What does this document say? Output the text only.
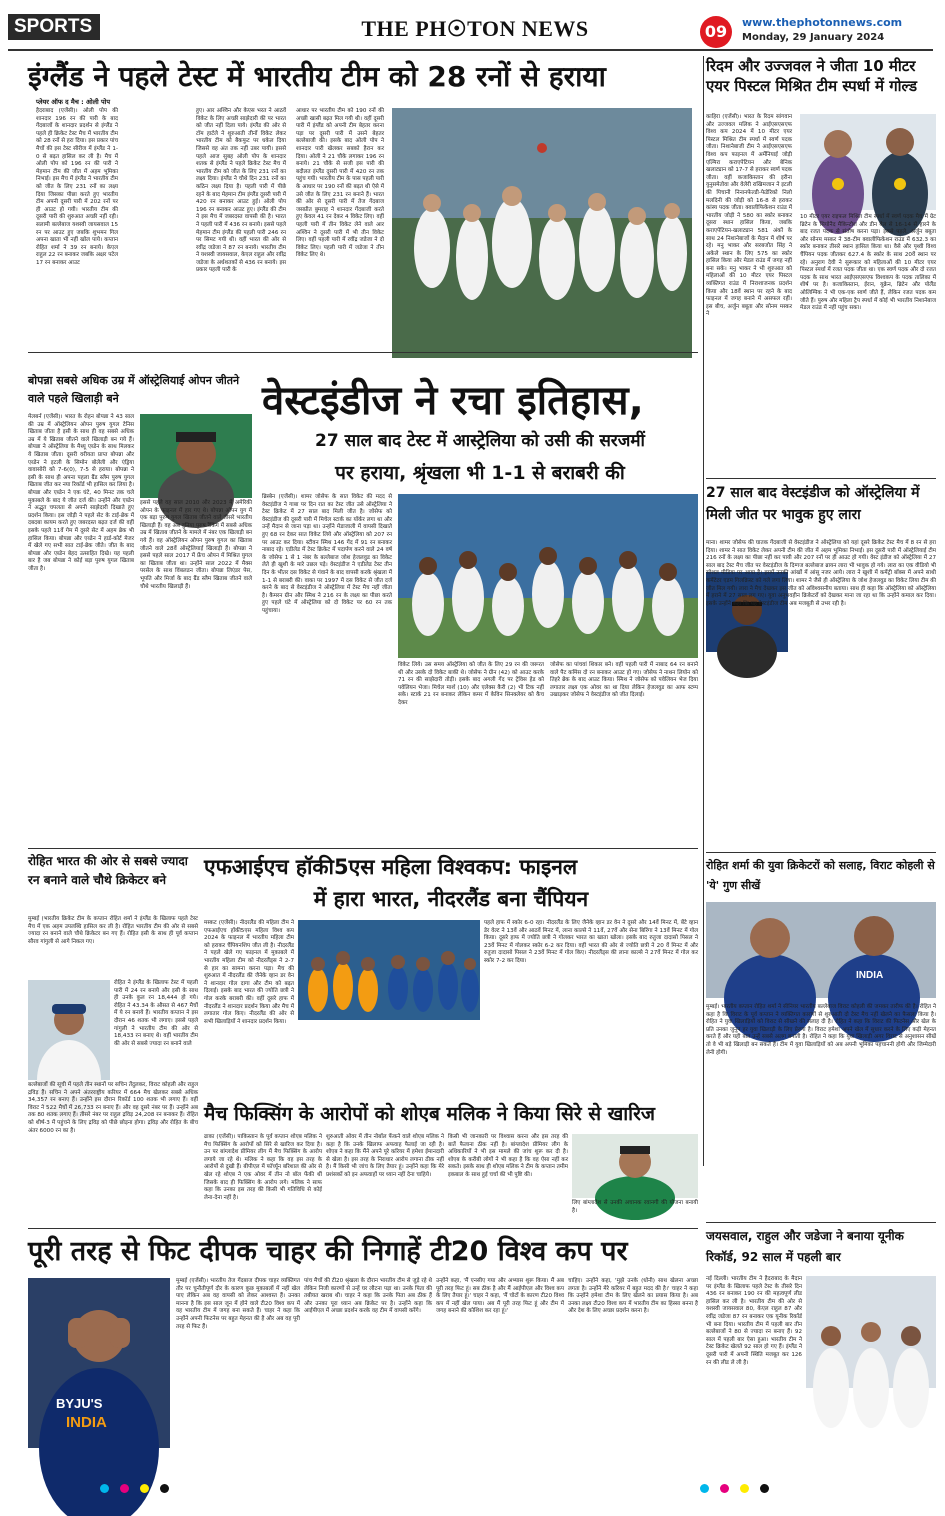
SPORTS	THE PH☉TON NEWS	09	www.thephotonnews.com
Monday, 29 January 2024
इंग्लैंड ने पहले टेस्ट में भारतीय टीम को 28 रनों से हराया
प्लेयर ऑफ द मैच : ओली पोप
हैदराबाद (एजेंसी)। ओली पोप की शानदार 196 रन की पारी के बाद गेंदबाजों के शानदार प्रदर्शन से इंग्लैंड ने पहले ही क्रिकेट टेस्ट मैच में भारतीय टीम को 28 रनों से हरा दिया। इस प्रकार पांच मैचों की इस टेस्ट सीरीज में इंग्लैंड ने 1-0 से बढ़त हासिल कर ली है। मैच में ओली पोप को 196 रन की पारी ने मेहमान टीम की जीत में अहम भूमिका निभाई। इस मैच में इंग्लैंड ने भारतीय टीम को जीत के लिए 231 रनों का लक्ष्य दिया जिसका पीछा करते हुए भारतीय टीम अपनी दूसरी पारी में 202 रनों पर ही आउट हो गयी। भारतीय टीम की दूसरी पारी की शुरुआत अच्छी नहीं रही। सलामी बल्लेबाज यशस्वी जायसवाल 15 रन पर आउट हुए जबकि शुभमन गिल अपना खाता भी नहीं खोल पाये। कप्तान रोहित शर्मा ने 39 रन बनाये। केएल राहुल 22 रन बनाकर जबकि अक्षर पटेल 17 रन बनाकर आउट
हुए। आर अश्विन और केएस भरत ने आठवें विकेट के लिए अच्छी साझेदारी की पर भारत को जीत नहीं दिला पाये। इंग्लैंड की ओर से टॉम हार्टले ने शुरुआती तीनों विकेट लेकर भारतीय टीम को बैकफुट पर धकेल दिया जिससे वह अंत तक नहीं उबर पायी। इससे पहले आज सुबह ओली पोप के शानदार शतक से इंग्लैंड ने पहले क्रिकेट टेस्ट मैच में भारतीय टीम को जीत के लिए 231 रनों का लक्ष्य दिया। इंग्लैंड ने चौथे दिन 231 रनों का कठिन लक्ष्य दिया है। पहली पारी में पीछे रहने के बाद मेहमान टीम इंग्लैंड दूसरी पारी में 420 रन बनाकर आउट हुई। ओली पोप 196 रन बनाकर आउट हुए। इंग्लैंड की टीम ने इस मैच में जबरदस्त वापसी की है। भारत ने पहली पारी में 436 रन बनाये। इससे पहले मेहमान टीम इंग्लैंड की पहली पारी 246 रन पर सिमट गयी थी। वहीं भारत की ओर से रवींद्र जडेजा ने 87 रन बनाये। भारतीय टीम ने यशस्वी जायसवाल, केएल राहुल और रवींद्र जडेजा के अर्धशतकों से 436 रन बनाये। इस प्रकार पहली पारी के
आधार पर भारतीय टीम को 190 रनों की अच्छी खासी बढ़त मिल गयी थी। वहीं दूसरी पारी में इंग्लैंड को अपनी टीम बेहतर करना पड़ा पर दूसरी पारी में उसने बेहतर बल्लेबाजी की। इसके बाद ओली पोप ने शानदार पारी खेलकर सबको हैरान कर दिया। ओली ने 21 चौके लगाकर 196 रन बनाये। 21 चौके से सजी इस पारी की बदौलत इंग्लैंड दूसरी पारी में 420 रन तक पहुंच गयी। भारतीय टीम के पास पहली पारी के आधार पर 190 रनों की बढ़त थी ऐसे में उसे जीत के लिए 231 रन बनाने हैं। भारत की ओर से दूसरी पारी में तेज गेंदबाज जसप्रीत बुमराह ने शानदार गेंदबाजी करते हुए केवल 41 रन देकर 4 विकेट लिए। वहीं पहली पारी में तीन विकेट लेने वाले आर अश्विन ने दूसरी पारी में भी तीन विकेट लिए। वहीं पहली पारी में रवींद्र जडेजा ने दो विकेट लिए। पहली पारी में जडेजा ने तीन विकेट लिए थे।
रिदम और उज्जवल ने जीता 10 मीटर एयर पिस्टल मिश्रित टीम स्पर्धा में गोल्ड
काहिरा (एजेंसी)। भारत के रिदम सांगवान और उज्जवल मलिक ने आईएसएसएफ विश्व कप 2024 में 10 मीटर एयर पिस्टल मिश्रित टीम स्पर्धा में स्वर्ण पदक जीता। निशानेबाजी टीम ने आईएसएसएफ विश्व कप फाइनल में अर्मेनियाई जोड़ी एल्मिरा कराएपेटियन और बेनिक खलाट्यान को 17-7 से हराकर स्वर्ण पदक जीता। वहीं कजाकिस्तान की इरीना युनुसमेतोवा और वेलेरी राखिमजान ने इटली की पिचानी निनानफेल्डी-फेडेरिको निलो मलदिनी की जोड़ी को 16-8 से हराकर कांस्य पदक जीता। क्वालीफिकेशन राउंड में भारतीय जोड़ी ने 580 का स्कोर बनाकर दूसरा स्थान हासिल किया, जबकि कराएपेटियन-खलाट्यान 581 अंकों के साथ 24 निशानेबाजों के मैदान में शीर्ष पर रहे। मनु भाकर और सरबजोत सिंह ने अकेले स्थान के लिए 575 का स्कोर हासिल किया और मेडल राउंड में जगह नहीं बना सके। मनु भाकर ने भी शुरुआत को महिलाओं की 10 मीटर एयर पिस्टल व्यक्तिगत राउंड में निराशाजनक प्रदर्शन किया और 18वें स्थान पर रहने के बाद फाइनल में जगह बनाने में असफल रहीं। इस बीच, अर्जुन बबूता और सोनम मस्कर ने
10 मीटर एयर राइफल मिश्रित टीम स्पर्धा में स्वर्ण पदक मैच में ग्रेट ब्रिटेन के सियोनैद मैकिन्टोश और डीन बेल से 16-14 से हारने के बाद रजत पदक से संतोष करना पड़ा। इससे पहले, अर्जुन बबूता और सोनम मस्कर ने 38-टीम क्वालीफिकेशन राउंड में 632.3 का स्कोर बनाकर तीसरे स्थान हासिल किया था। वैसे और पृथ्वी विश्व चैंपियन पदक जीतकर 627.4 के स्कोर के साथ 20वें स्थान पर रहे। अनुराग देवी ने सुरूकार को महिलाओं की 10 मीटर एयर पिस्टल स्पर्धा में रजत पदक जीता था। एक स्वर्ण पदक और दो रजत पदक के साथ भारत आईएसएसएफ विश्वकप के पदक तालिका में शीर्ष पर है। कजाकिस्तान, ईरान, यूक्रेन, ब्रिटेन और पोलैंड ओलिम्पिक ने भी एक-एक स्वर्ण जीते हैं, लेकिन रजत पदक कम जीते हैं। पुरुष और महिला ट्रैप स्पर्धा में कोई भी भारतीय निशानेबाज मेडल राउंड में नहीं पहुंच सका।
बोपन्ना सबसे अधिक उम्र में ऑस्ट्रेलियाई ओपन जीतने वाले पहले खिलाड़ी बने
मेलबर्न (एजेंसी)। भारत के रोहन बोपन्ना ने 43 साल की उम्र में ऑस्ट्रेलियन ओपन पुरुष युगल टेनिस खिताब जीता है इसी के साथ ही वह सबसे अधिक उम्र में ये खिताब जीतने वाले खिलाड़ी बन गये हैं। बोपन्ना ने ऑस्ट्रेलिया के मैथ्यू एब्डेन के साथ मिलकर ये खिताब जीता। दूसरी वरीयता प्राप्त बोपन्ना और एब्डेन ने इटली के सिमोन बोलेली और एंड्रिया वावासोरी को 7-6(0), 7-5 से हराया। बोपन्ना ने इसी के साथ ही अपना पहला ग्रैंड स्लैम पुरुष युगल खिताब जीत कर नया रिकॉर्ड भी हासिल कर लिया है। बोपन्ना और एब्डेन ने एक घंटे, 40 मिनट तक चले मुकाबले के बाद ये जीत दर्ज की। उन्होंने और एब्डेन ने अद्भुत चपलता से अपनी साझेदारी दिखाते हुए प्रदर्शन किया। इस जोड़ी ने पहले सेट के टाई-ब्रेक में दबदबा कायम करते हुए जबरदस्त बढ़त दर्ज की वहीं इसके पहले 11वें गेम में दूसरे सेट में अहम ब्रेक भी हासिल किया। बोपन्ना और एब्डेन ने हार्ड-कोर्ट मेजर में खेले गए सभी सात टाई-ब्रेक जीते। जीत के बाद बोपन्ना और एब्डेन बेहद उत्साहित दिखे। यह पहली बार है जब बोपन्ना ने कोई बड़ा पुरुष युगल खिताब जीता है।
इससे पहले वह साल 2010 और 2023 में अमेरिकी ओपन के फाइनल में हार गए थे। बोपन्ना ओपन युग में एक बड़ा पुरुष युगल खिताब जीतने वाले तीसरे भारतीय खिलाड़ी हैं। वह अब दुनिया पुरुष रैंकिंग में सबसे अधिक उम्र में खिताब जीतने के मामले में नंबर एक खिलाड़ी बन गये हैं। वह ऑस्ट्रेलियन ओपन पुरुष युगल का खिताब जीतने वाले 28वें ऑस्ट्रेलियाई खिलाड़ी हैं। बोपन्ना ने इससे पहले साल 2017 में फ्रेंच ओपन में मिश्रित युगल का खिताब जीता था। उन्होंने साल 2022 में मैक्स परसेल के साथ विंबलडन जीता। बोपन्ना लिएंडर पेस, भूपति और मिर्जा के बाद ग्रैंड स्लैम खिताब जीतने वाले चौथे भारतीय खिलाड़ी हैं।
वेस्टइंडीज ने रचा इतिहास,
27 साल बाद टेस्ट में आस्ट्रेलिया को उसी की सरजमीं
पर हराया, श्रृंखला भी 1-1 से बराबरी की
ब्रिस्बेन (एजेंसी)। शामर जोसेफ के सात विकेट की मदद से वेस्टइंडीज ने गाबा पर दिन रात का टेस्ट जीत उसे ऑस्ट्रेलिया ने टेस्ट क्रिकेट में 27 साल बाद मिली जीत है। जोसेफ को वेस्टइंडीज की दूसरी पारी में मिचेल स्टार्क का यॉर्कर लगा था और उन्हें मैदान से जाना पड़ा था। उन्होंने मेडाजाली में वापसी दिखाते हुए 68 रन देकर सात विकेट लिये और ऑस्ट्रेलिया को 207 रन पर आउट कर दिया। स्टीवन स्मिथ 146 गेंद में 91 रन बनाकर नाबाद रहे। एडीलेड में टेस्ट क्रिकेट में पदार्पण करने वाले 24 वर्ष के जोसेफ 1 से 1 नंबर के बल्लेबाज जोश हेजलवुड का विकेट लेते ही खुशी के मारे उछल पड़े। वेस्टइंडीज ने एडीलेड टेस्ट तीन दिन के भीतर दस विकेट से गंवाने के बाद वापसी करके श्रृंखला में 1-1 से बराबरी की। वाका पर 1997 में दस विकेट से जीत दर्ज करने के बाद से वेस्टइंडीज ने ऑस्ट्रेलिया में टेस्ट मैच नहीं जीता है। कैमरन ग्रीन और स्मिथ ने 216 रन के लक्ष्य का पीछा करते हुए पहले घंटे में ऑस्ट्रेलिया को दो विकेट पर 60 रन तक पहुंचाया।
विकेट लिये। उस समय ऑस्ट्रेलिया को जीत के लिए 29 रन की जरूरत थी और उसके दो विकेट बाकी थे। जोसेफ ने ग्रीन (42) को आउट करके 71 रन की साझेदारी तोड़ी। इसके बाद अगली गेंद पर ट्रेविस हेड को पवेलियन भेजा। मिचेल मार्श (10) और एलेक्स कैरी (2) भी टिक नहीं सके। स्टार्क 21 रन बनाकर लेकिन कमर में केविन सिनक्लेयर को कैच देकर
जोसेफ का पांचवां शिकार बने। वहीं पहली पारी में नाबाद 64 रन बनाने वाले पैट कमिंस दो रन बनाकर आउट हो गए। जोसेफ ने नाथन लियोन को तिहरे ब्रेक के बाद आउट किया। स्मिथ ने जोसेफ को पवेलियन भेज दिया लगातार लक्ष्य एक ओवर का था दिया लेकिन हेजलवुड का आफ स्टम्प उखाड़कर जोसेफ ने वेस्टइंडीज को जीत दिलाई।
27 साल बाद वेस्टइंडीज को ऑस्ट्रेलिया में मिली जीत पर भावुक हुए लारा
माना। शामर जोसेफ की घातक गेंदबाजी से वेस्टइंडीज ने ऑस्ट्रेलिया को यहां दूसरे क्रिकेट टेस्ट मैच में 8 रन से हरा दिया। शामर ने सात विकेट लेकर अपनी टीम की जीत में अहम भूमिका निभाई। इस दूसरी पारी में ऑस्ट्रेलियाई टीम 216 रनों के लक्ष्य का पीछा नहीं कर पायी और 207 रनों पर ही आउट हो गयी। वेस्ट इंडीज को ऑस्ट्रेलिया में 27 साल बाद टेस्ट मैच जीत पर वेस्टइंडीज के दिग्गज बल्लेबाज ब्रायन लारा भी भावुक हो गये। लारा का एक वीडियो भी सोशल मीडिया पर आया है। इसमें उनकी आंखों में आंसू नजर आये। लारा ने खुशी में कमेंट्री बॉक्स में अपने साथी कमेंटेटर एडम गिलक्रिस्ट को गले लगा लिया। शामर ने जैसे ही ऑस्ट्रेलिया के जोश हेजलवुड का विकेट लिया टीम की जीत मिल गयी। लारा ने मैच देखकर इस जीत को अविश्वसनीय बताया। साथ ही कहा कि ऑस्ट्रेलिया को ऑस्ट्रेलिया में हराने में 27 साल लग गए। युवा अनुभवहीन क्रिकेटरों को देखकर माना जा रहा था कि उन्होंने कमाल कर दिया। इसके उन्होंने कहा कि यह वेस्टइंडीज टीम अब मजबूती से उभर रही है।
रोहित भारत की ओर से सबसे ज्यादा रन बनाने वाले चौथे क्रिकेटर बने
मुम्बई (भारतीय क्रिकेट टीम के कप्तान रोहित शर्मा ने इंग्लैंड के खिलाफ पहले टेस्ट मैच में एक अहम उपलब्धि हासिल कर ली है। रोहित भारतीय टीम की ओर से सबसे ज्यादा रन बनाने वाले चौथे क्रिकेटर बन गए हैं। रोहित इसी के साथ ही पूर्व कप्तान सौरव गांगुली से आगे निकल गए।
रोहित ने इंग्लैंड के खिलाफ टेस्ट में पहली पारी में 24 रन बनाये और इसी के साथ ही उनके कुल रन 18,444 हो गये। रोहित ने 43.34 के औसत से 467 मैचों में ये रन बनाये हैं। भारतीय कप्तान ने इस दौरान 46 शतक भी लगाए। इससे पहले गांगुली ने भारतीय टीम की ओर से 18,433 रन बनाए थे। वहीं भारतीय टीम की ओर से सबसे ज्यादा रन बनाने वाले
बल्लेबाजों की सूची में पहले तीन स्थानों पर सचिन तेंदुलकर, विराट कोहली और राहुल द्रविड़ हैं। सचिन ने अपने अंतरराष्ट्रीय करियर में 664 मैच खेलकर सबसे अधिक 34,357 रन बनाए हैं। उन्होंने इस दौरान रिकॉर्ड 100 शतक भी लगाए हैं। वहीं विराट ने 522 मैचों में 26,733 रन बनाए हैं। और वह दूसरे नंबर पर हैं। उन्होंने अब तक 80 शतक लगाए हैं। तीसरे नंबर पर राहुल द्रविड़ 24,208 रन बनाकर हैं। रोहित को शीर्ष-3 में पहुंचने के लिए द्रविड़ को पीछे छोड़ना होगा। द्रविड़ और रोहित के बीच अंतर 6000 रन का है।
एफआईएच हॉकी5एस महिला विश्वकप: फाइनल
में हारा भारत, नीदरलैंड बना चैंपियन
मस्कट (एजेंसी)। नीदरलैंड की महिला टीम ने एफआईएच हॉकी5एस महिला विश्व कप 2024 के फाइनल में भारतीय महिला टीम को हराकर चैंपियनशिप जीत ली है। नीदरलैंड ने पहले खेले गए फाइनल में मुकाबले में भारतीय महिला टीम को नीदरलैंड्स ने 2-7 से हार का सामना करना पड़ा। मैच की शुरुआत में नीदरलैंड की जैनेके व्हान डर वेन ने शानदार गोल दागा और टीम को बढ़त दिलाई। इसके बाद भारत की ज्योति छत्री ने गोल करके बराबरी की। वहीं दूसरे हाफ में नीदरलैंड ने शानदार प्रदर्शन किया और मैच में लगातार गोल किए। नीदरलैंड की ओर से सभी खिलाड़ियों ने शानदार प्रदर्शन किया।
पहले हाफ में स्कोर 6-0 रहा। नीदरलैंड के लिए जैनेके व्हान डर वेन ने दूसरे और 14वें मिनट में, बेंटे व्हान डेर वेल्ट ने 13वें और आठवें मिनट में, लाना काल्से ने 11वें, 27वें और सेना बिरिंगा ने 13वें मिनट में गोल किया। दूसरे हाफ में ज्योति छत्री ने गोलकर भारत का खाता खोला। इसके बाद रुतुजा दादासो पिसल ने 23वें मिनट में गोलकर स्कोर 6-2 कर दिया। वहीं भारत की ओर से ज्योति छत्री ने 20 वें मिनट में और रुतुजा दादासो पिसल ने 23वें मिनट में गोल किए। नीदरलैंड्स की लाना काल्से ने 27वें मिनट में गोल कर स्कोर 7-2 कर दिया।
मैच फिक्सिंग के आरोपों को शोएब मलिक ने किया सिरे से खारिज
ढाका (एजेंसी)। पाकिस्तान के पूर्व कप्तान शोएब मलिक ने मैच फिक्सिंग के आरोपों को सिरे से खारिज कर दिया है। उन पर बांग्लादेश प्रीमियर लीग में मैच फिक्सिंग के आरोप लगाये जा रहे थे। मलिक ने कहा कि वह इस तरह के आरोपों से दुखी हैं। बीपीएल में फॉर्च्यून बरिशाल की ओर से खेल रहे शोएब ने एक ओवर में तीन नो बॉल फेंकी थीं जिसके बाद ही फिक्सिंग के आरोप लगे। मलिक ने साफ कहा कि उनका इस तरह की किसी भी गतिविधि से कोई लेना-देना नहीं है।
शुरुआती ओवर में तीन नोबॉल फेंकने वाले शोएब मलिक ने कहा है कि उनके खिलाफ अफवाह फैलाई जा रही है। शोएब ने कहा कि मैंने अपने पूरे करियर में हमेशा ईमानदारी से खेला है। इस तरह के निराधार आरोप लगाना ठीक नहीं है। मैं किसी भी जांच के लिए तैयार हूं। उन्होंने कहा कि मेरे प्रशंसकों को इन अफवाहों पर ध्यान नहीं देना चाहिये।
किसी भी जानकारी पर विश्वास करना और इस तरह की बातें फैलाना ठीक नहीं है। बांग्लादेश प्रीमियर लीग के अधिकारियों ने भी इस मामले की जांच शुरू कर दी है। शोएब के करीबी लोगों ने भी कहा है कि वह ऐसा नहीं कर सकते। इसके साथ ही शोएब मलिक ने टीम के कप्तान तमीम इकबाल के साथ हुई चर्चा की भी पुष्टि की।
लिए बांग्लादेश से उनकी अचानक रवानगी की योजना बनायी है।
रोहित शर्मा की युवा क्रिकेटरों को सलाह, विराट कोहली से 'ये' गुण सीखें
INDIA
मुम्बई। भारतीय कप्तान रोहित शर्मा ने सीनियर भारतीय बल्लेबाज विराट कोहली की जमकर तारीफ की है। रोहित ने कहा है कि विराट के पूर्व कप्तान ने व्यक्तिगत कारणों से शुरुआती दो टेस्ट मैच नहीं खेलने का फैसला किया है। रोहित ने युवा खिलाड़ियों को विराट से सीखने की सलाह दी है। रोहित ने कहा कि विराट की फिटनेस और खेल के प्रति उनका जुनून हर युवा खिलाड़ी के लिए प्रेरणा है। विराट हमेशा अपने खेल में सुधार करने के लिए कड़ी मेहनत करते हैं और यही बात उन्हें सबसे अलग बनाती है। रोहित ने कहा कि युवा खिलाड़ी अगर विराट से अनुशासन सीखें तो वे भी बड़े खिलाड़ी बन सकते हैं। टीम में युवा खिलाड़ियों को अब अपनी भूमिका पहचाननी होगी और जिम्मेदारी लेनी होगी।
जयसवाल, राहुल और जडेजा ने बनाया यूनीक रिकॉर्ड, 92 साल में पहली बार
नई दिल्ली। भारतीय टीम ने हैदराबाद के मैदान पर इंग्लैंड के खिलाफ पहले टेस्ट के तीसरे दिन 436 रन बनाकर 190 रन की महत्वपूर्ण लीड हासिल कर ली है। भारतीय टीम की ओर से यशस्वी जायसवाल 80, केएल राहुल 87 और रवींद्र जडेजा 87 रन बनाकर एक यूनीक रिकॉर्ड भी बना दिया। भारतीय टीम में पहली बार तीन बल्लेबाजों ने 80 से ज्यादा रन बनाए हैं। 92 साल में पहली बार ऐसा हुआ। भारतीय टीम ने टेस्ट क्रिकेट खेलते 92 साल हो गए हैं। इंग्लैंड ने दूसरी पारी में अपनी स्थिति मजबूत कर 126 रन की लीड ले ली है।
पूरी तरह से फिट दीपक चाहर की निगाहें टी20 विश्व कप पर
BYJU'S
INDIA
मुम्बई (एजेंसी)। भारतीय तेज गेंदबाज दीपक चाहर व्यक्तिगत तौर पर चुनौतीपूर्ण दौर के कारण कुछ मुकाबलों में नहीं खेल पाए लेकिन अब वह वापसी को लेकर आश्वस्त हैं। उनका मानना है कि इस साल जून में होने वाले टी20 विश्व कप में वह भारतीय टीम में जगह बना सकते हैं। चाहर ने कहा कि उन्होंने अपनी फिटनेस पर बहुत मेहनत की है और अब वह पूरी तरह से फिट हैं।
पांच मैचों की टी20 श्रृंखला के दौरान भारतीय टीम से जुड़े रहे थे लेकिन निजी कारणों से उन्हें घर लौटना पड़ा था। उनके पिता की तबीयत खराब थी। चाहर ने कहा कि उनके पिता अब ठीक हैं और उनका पूरा ध्यान अब क्रिकेट पर है। उन्होंने कहा कि आईपीएल में अच्छा प्रदर्शन करके वह टीम में वापसी करेंगे।
उन्होंने कहा, 'मैं एनसीए गया और अभ्यास शुरू किया। मैं अब पूरी तरह फिट हूं। सब ठीक है और मैं आईपीएल और विश्व कप के लिए तैयार हूं।' चाहर ने कहा, 'मैं चोटों के कारण टी20 विश्व कप में नहीं खेल पाया। अब मैं पूरी तरह फिट हूं और टीम में जगह बनाने की कोशिश कर रहा हूं।'
चाहिए। उन्होंने कहा, 'मुझे उनके (धोनी) साथ खेलना अच्छा लगता है। उन्होंने मेरे करियर में बहुत मदद की है।' चाहर ने कहा कि उन्होंने हमेशा टीम के लिए खेलने का प्रयास किया है। अब उनका लक्ष्य टी20 विश्व कप में भारतीय टीम का हिस्सा बनना है और देश के लिए अच्छा प्रदर्शन करना है।
